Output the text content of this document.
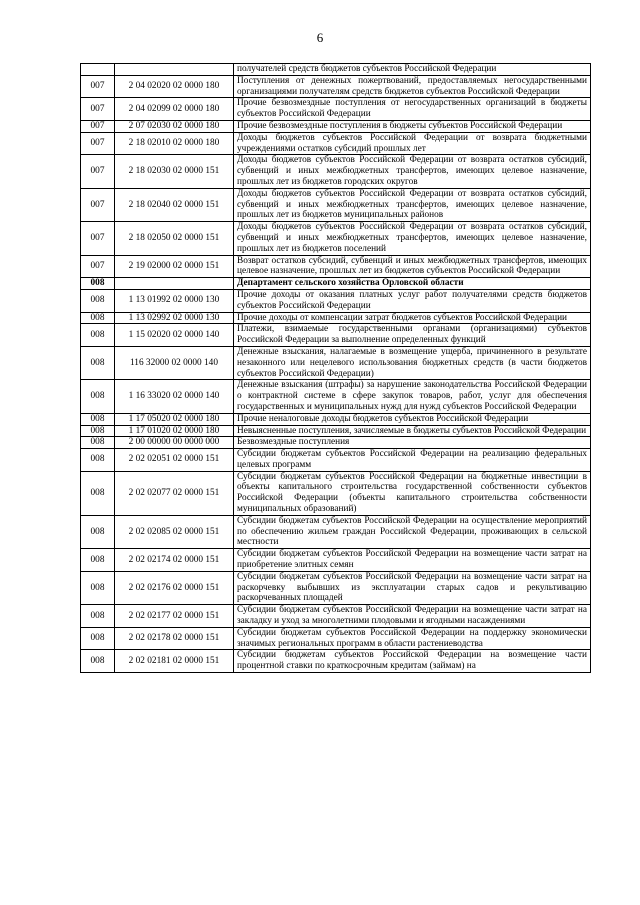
6
		получателей средств бюджетов субъектов Российской Федерации
007	2 04 02020 02 0000 180	Поступления от денежных пожертвований, предоставляемых негосударственными организациями получателям средств бюджетов субъектов Российской Федерации
007	2 04 02099 02 0000 180	Прочие безвозмездные поступления от негосударственных организаций в бюджеты субъектов Российской Федерации
007	2 07 02030 02 0000 180	Прочие безвозмездные поступления в бюджеты субъектов Российской Федерации
007	2 18 02010 02 0000 180	Доходы бюджетов субъектов Российской Федерации от возврата бюджетными учреждениями остатков субсидий прошлых лет
007	2 18 02030 02 0000 151	Доходы бюджетов субъектов Российской Федерации от возврата остатков субсидий, субвенций и иных межбюджетных трансфертов, имеющих целевое назначение, прошлых лет из бюджетов городских округов
007	2 18 02040 02 0000 151	Доходы бюджетов субъектов Российской Федерации от возврата остатков субсидий, субвенций и иных межбюджетных трансфертов, имеющих целевое назначение, прошлых лет из бюджетов муниципальных районов
007	2 18 02050 02 0000 151	Доходы бюджетов субъектов Российской Федерации от возврата остатков субсидий, субвенций и иных межбюджетных трансфертов, имеющих целевое назначение, прошлых лет из бюджетов поселений
007	2 19 02000 02 0000 151	Возврат остатков субсидий, субвенций и иных межбюджетных трансфертов, имеющих целевое назначение, прошлых лет из бюджетов субъектов Российской Федерации
008		Департамент сельского хозяйства Орловской области
008	1 13 01992 02 0000 130	Прочие доходы от оказания платных услуг работ получателями средств бюджетов субъектов Российской Федерации
008	1 13 02992 02 0000 130	Прочие доходы от компенсации затрат бюджетов субъектов Российской Федерации
008	1 15 02020 02 0000 140	Платежи, взимаемые государственными органами (организациями) субъектов Российской Федерации за выполнение определенных функций
008	116 32000 02 0000 140	Денежные взыскания, налагаемые в возмещение ущерба, причиненного в результате незаконного или нецелевого использования бюджетных средств (в части бюджетов субъектов Российской Федерации)
008	1 16 33020 02 0000 140	Денежные взыскания (штрафы) за нарушение законодательства Российской Федерации о контрактной системе в сфере закупок товаров, работ, услуг для обеспечения государственных и муниципальных нужд для нужд субъектов Российской Федерации
008	1 17 05020 02 0000 180	Прочие неналоговые доходы бюджетов субъектов Российской Федерации
008	1 17 01020 02 0000 180	Невыясненные поступления, зачисляемые в бюджеты субъектов Российской Федерации
008	2 00 00000 00 0000 000	Безвозмездные поступления
008	2 02 02051 02 0000 151	Субсидии бюджетам субъектов Российской Федерации на реализацию федеральных целевых программ
008	2 02 02077 02 0000 151	Субсидии бюджетам субъектов Российской Федерации на бюджетные инвестиции в объекты капитального строительства государственной собственности субъектов Российской Федерации (объекты капитального строительства собственности муниципальных образований)
008	2 02 02085 02 0000 151	Субсидии бюджетам субъектов Российской Федерации на осуществление мероприятий по обеспечению жильем граждан Российской Федерации, проживающих в сельской местности
008	2 02 02174 02 0000 151	Субсидии бюджетам субъектов Российской Федерации на возмещение части затрат на приобретение элитных семян
008	2 02 02176 02 0000 151	Субсидии бюджетам субъектов Российской Федерации на возмещение части затрат на раскорчевку выбывших из эксплуатации старых садов и рекультивацию раскорчеванных площадей
008	2 02 02177 02 0000 151	Субсидии бюджетам субъектов Российской Федерации на возмещение части затрат на закладку и уход за многолетними плодовыми и ягодными насаждениями
008	2 02 02178 02 0000 151	Субсидии бюджетам субъектов Российской Федерации на поддержку экономически значимых региональных программ в области растениеводства
008	2 02 02181 02 0000 151	Субсидии бюджетам субъектов Российской Федерации на возмещение части процентной ставки по краткосрочным кредитам (займам) на
